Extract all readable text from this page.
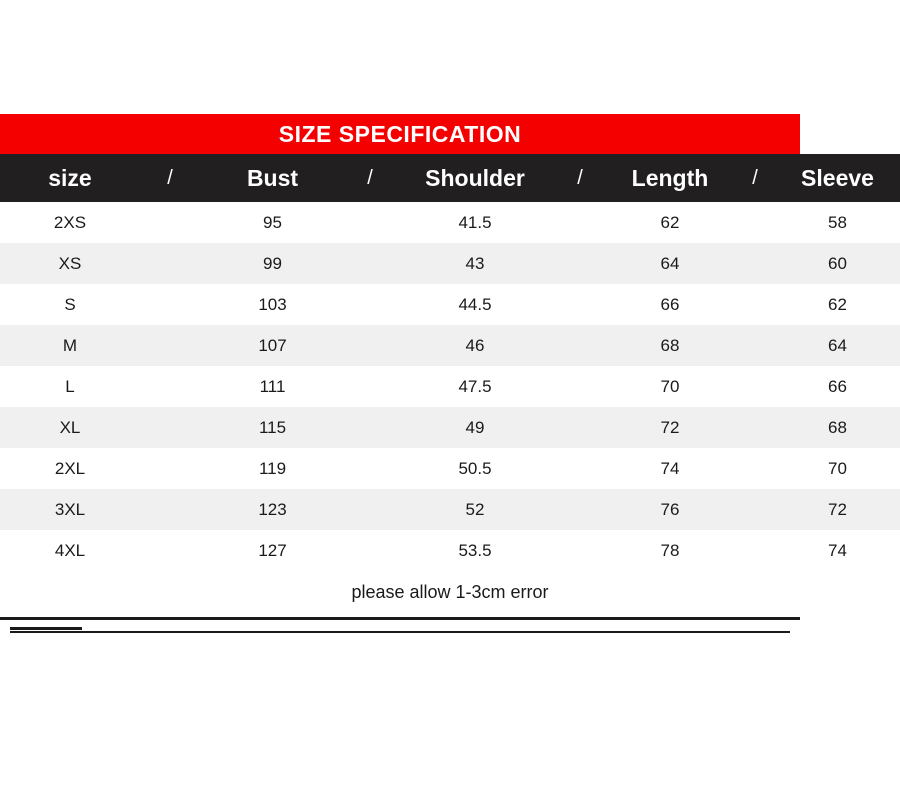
SIZE SPECIFICATION
size	/	Bust	/	Shoulder	/	Length	/	Sleeve
2XS		95		41.5		62		58
XS		99		43		64		60
S		103		44.5		66		62
M		107		46		68		64
L		111		47.5		70		66
XL		115		49		72		68
2XL		119		50.5		74		70
3XL		123		52		76		72
4XL		127		53.5		78		74
please allow 1-3cm error								
